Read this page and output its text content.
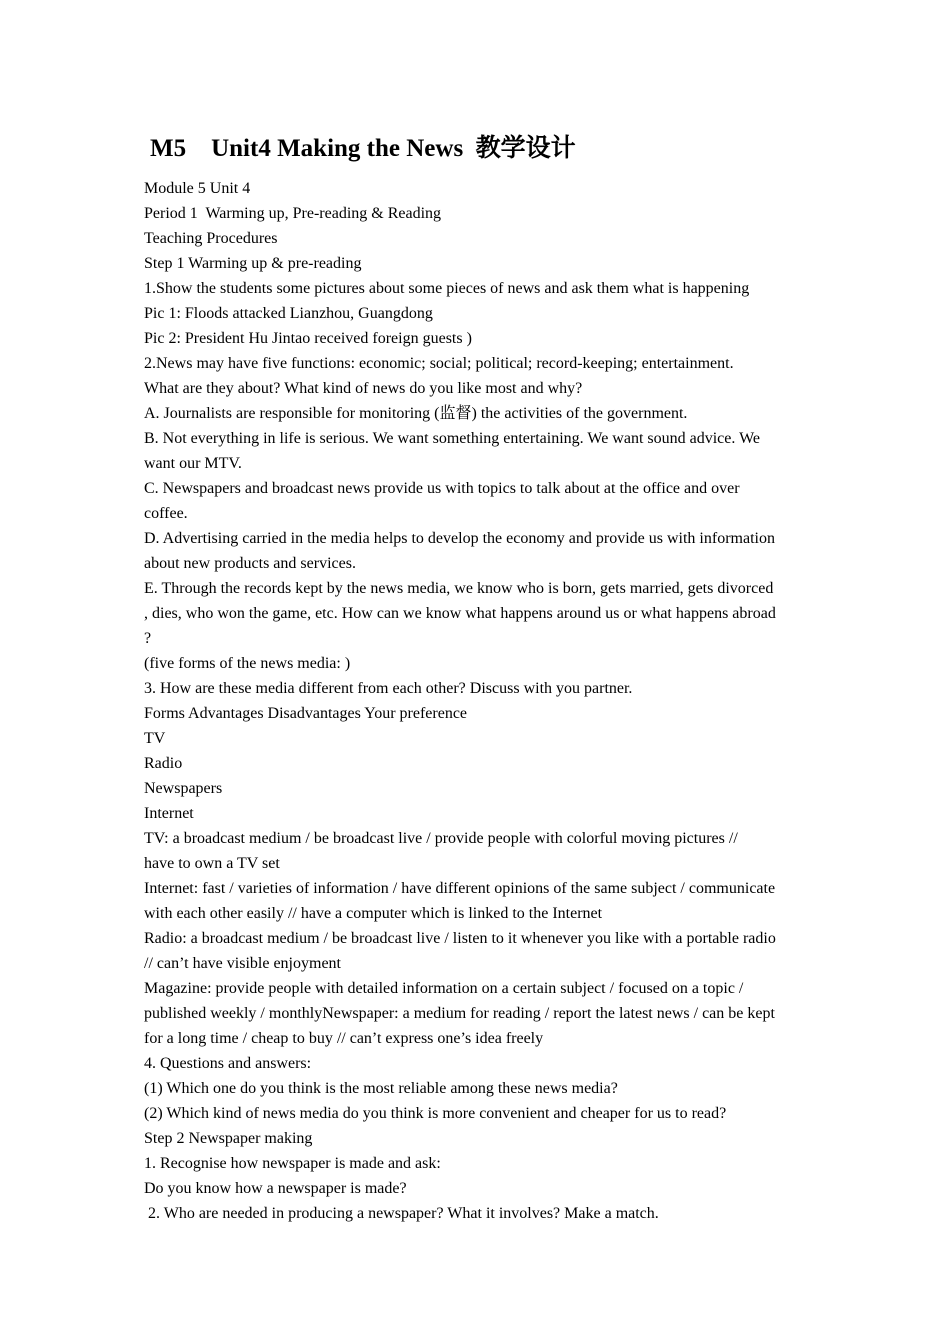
M5    Unit4 Making the News  教学设计
Module 5 Unit 4
Period 1  Warming up, Pre-reading & Reading
Teaching Procedures
Step 1 Warming up & pre-reading
1.Show the students some pictures about some pieces of news and ask them what is happening
Pic 1: Floods attacked Lianzhou, Guangdong
Pic 2: President Hu Jintao received foreign guests )
2.News may have five functions: economic; social; political; record-keeping; entertainment.
What are they about? What kind of news do you like most and why?
A. Journalists are responsible for monitoring (监督) the activities of the government.
B. Not everything in life is serious. We want something entertaining. We want sound advice. We
want our MTV.
C. Newspapers and broadcast news provide us with topics to talk about at the office and over
coffee.
D. Advertising carried in the media helps to develop the economy and provide us with information
about new products and services.
E. Through the records kept by the news media, we know who is born, gets married, gets divorced
, dies, who won the game, etc. How can we know what happens around us or what happens abroad
?
(five forms of the news media: )
3. How are these media different from each other? Discuss with you partner.
Forms Advantages Disadvantages Your preference
TV
Radio
Newspapers
Internet
TV: a broadcast medium / be broadcast live / provide people with colorful moving pictures //
have to own a TV set
Internet: fast / varieties of information / have different opinions of the same subject / communicate
with each other easily // have a computer which is linked to the Internet
Radio: a broadcast medium / be broadcast live / listen to it whenever you like with a portable radio
// can’t have visible enjoyment
Magazine: provide people with detailed information on a certain subject / focused on a topic /
published weekly / monthlyNewspaper: a medium for reading / report the latest news / can be kept
for a long time / cheap to buy // can’t express one’s idea freely
4. Questions and answers:
(1) Which one do you think is the most reliable among these news media?
(2) Which kind of news media do you think is more convenient and cheaper for us to read?
Step 2 Newspaper making
1. Recognise how newspaper is made and ask:
Do you know how a newspaper is made?
2. Who are needed in producing a newspaper? What it involves? Make a match.
